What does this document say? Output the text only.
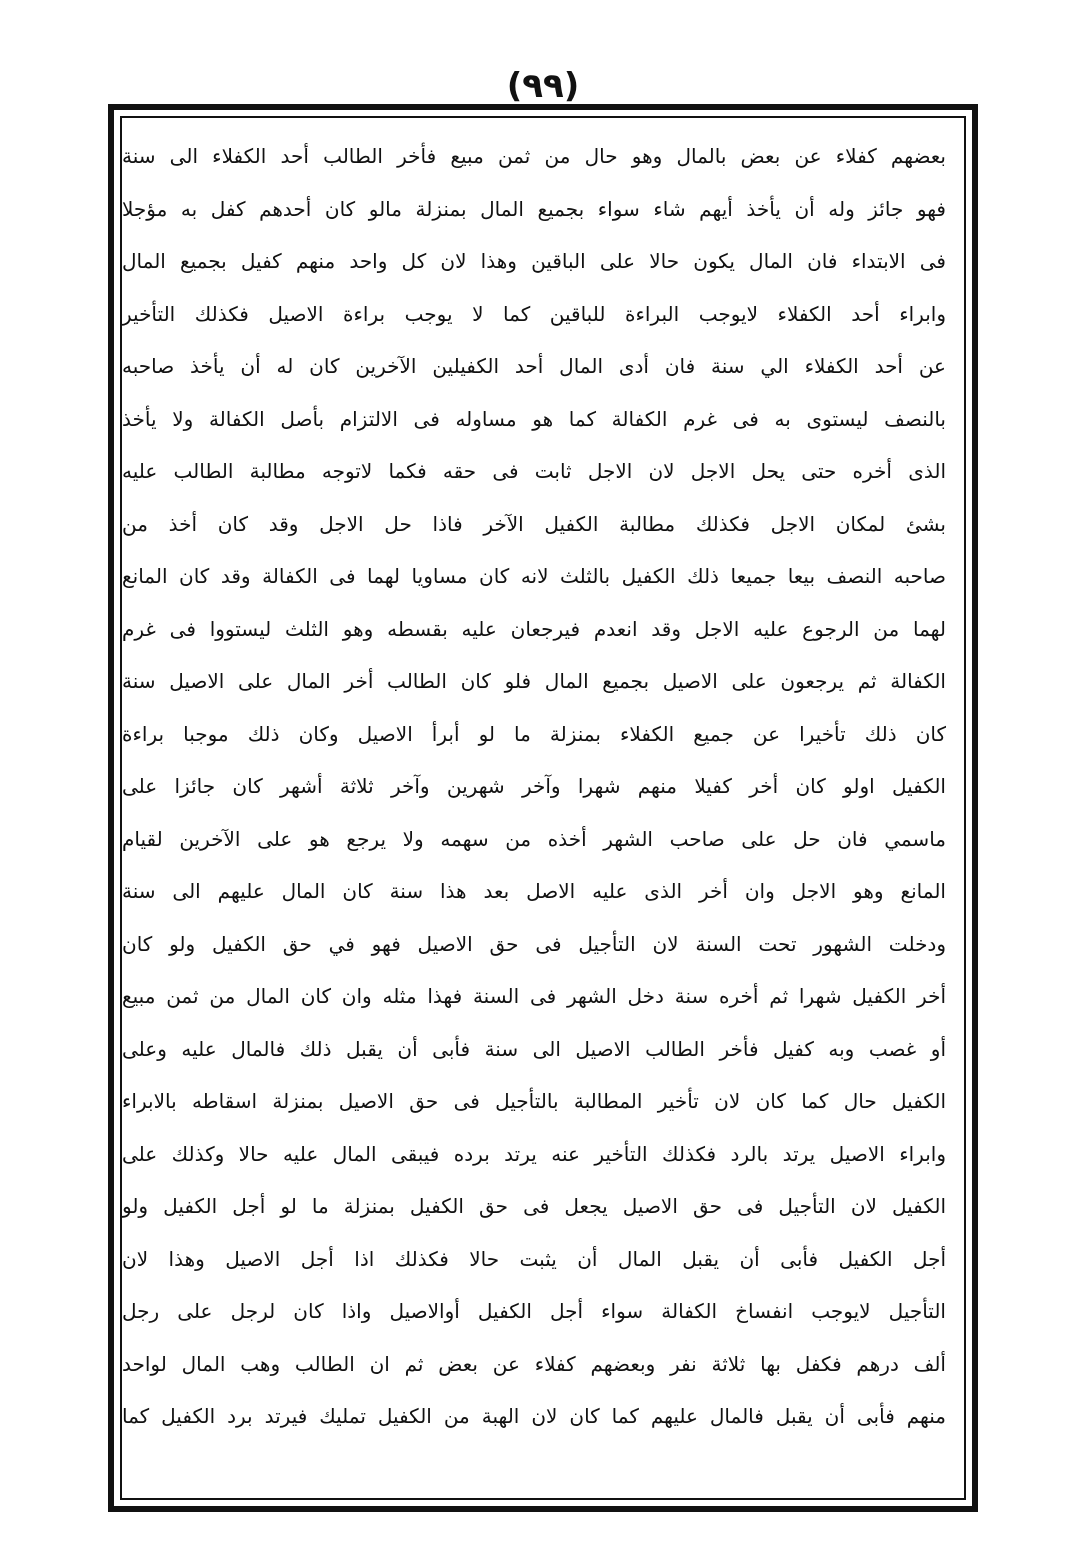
(٩٩)
بعضهم كفلاء عن بعض بالمال وهو حال من ثمن مبيع فأخر الطالب أحد الكفلاء الى سنة
فهو جائز وله أن يأخذ أيهم شاء سواء بجميع المال بمنزلة مالو كان أحدهم كفل به مؤجلا
فى الابتداء فان المال يكون حالا على الباقين وهذا لان كل واحد منهم كفيل بجميع المال
وابراء أحد الكفلاء لايوجب البراءة للباقين كما لا يوجب براءة الاصيل فكذلك التأخير
عن أحد الكفلاء الي سنة فان أدى المال أحد الكفيلين الآخرين كان له أن يأخذ صاحبه
بالنصف ليستوى به فى غرم الكفالة كما هو مساوله فى الالتزام بأصل الكفالة ولا يأخذ
الذى أخره حتى يحل الاجل لان الاجل ثابت فى حقه فكما لاتوجه مطالبة الطالب عليه
بشئ لمكان الاجل فكذلك مطالبة الكفيل الآخر فاذا حل الاجل وقد كان أخذ من
صاحبه النصف بيعا جميعا ذلك الكفيل بالثلث لانه كان مساويا لهما فى الكفالة وقد كان المانع
لهما من الرجوع عليه الاجل وقد انعدم فيرجعان عليه بقسطه وهو الثلث ليستووا فى غرم
الكفالة ثم يرجعون على الاصيل بجميع المال فلو كان الطالب أخر المال على الاصيل سنة
كان ذلك تأخيرا عن جميع الكفلاء بمنزلة ما لو أبرأ الاصيل وكان ذلك موجبا براءة
الكفيل اولو كان أخر كفيلا منهم شهرا وآخر شهرين وآخر ثلاثة أشهر كان جائزا على
ماسمي فان حل على صاحب الشهر أخذه من سهمه ولا يرجع هو على الآخرين لقيام
المانع وهو الاجل وان أخر الذى عليه الاصل بعد هذا سنة كان المال عليهم الى سنة
ودخلت الشهور تحت السنة لان التأجيل فى حق الاصيل فهو في حق الكفيل ولو كان
أخر الكفيل شهرا ثم أخره سنة دخل الشهر فى السنة فهذا مثله وان كان المال من ثمن مبيع
أو غصب وبه كفيل فأخر الطالب الاصيل الى سنة فأبى أن يقبل ذلك فالمال عليه وعلى
الكفيل حال كما كان لان تأخير المطالبة بالتأجيل فى حق الاصيل بمنزلة اسقاطه بالابراء
وابراء الاصيل يرتد بالرد فكذلك التأخير عنه يرتد برده فيبقى المال عليه حالا وكذلك على
الكفيل لان التأجيل فى حق الاصيل يجعل فى حق الكفيل بمنزلة ما لو أجل الكفيل ولو
أجل الكفيل فأبى أن يقبل المال أن يثبت حالا فكذلك اذا أجل الاصيل وهذا لان
التأجيل لايوجب انفساخ الكفالة سواء أجل الكفيل أوالاصيل واذا كان لرجل على رجل
ألف درهم فكفل بها ثلاثة نفر وبعضهم كفلاء عن بعض ثم ان الطالب وهب المال لواحد
منهم فأبى أن يقبل فالمال عليهم كما كان لان الهبة من الكفيل تمليك فيرتد برد الكفيل كما
